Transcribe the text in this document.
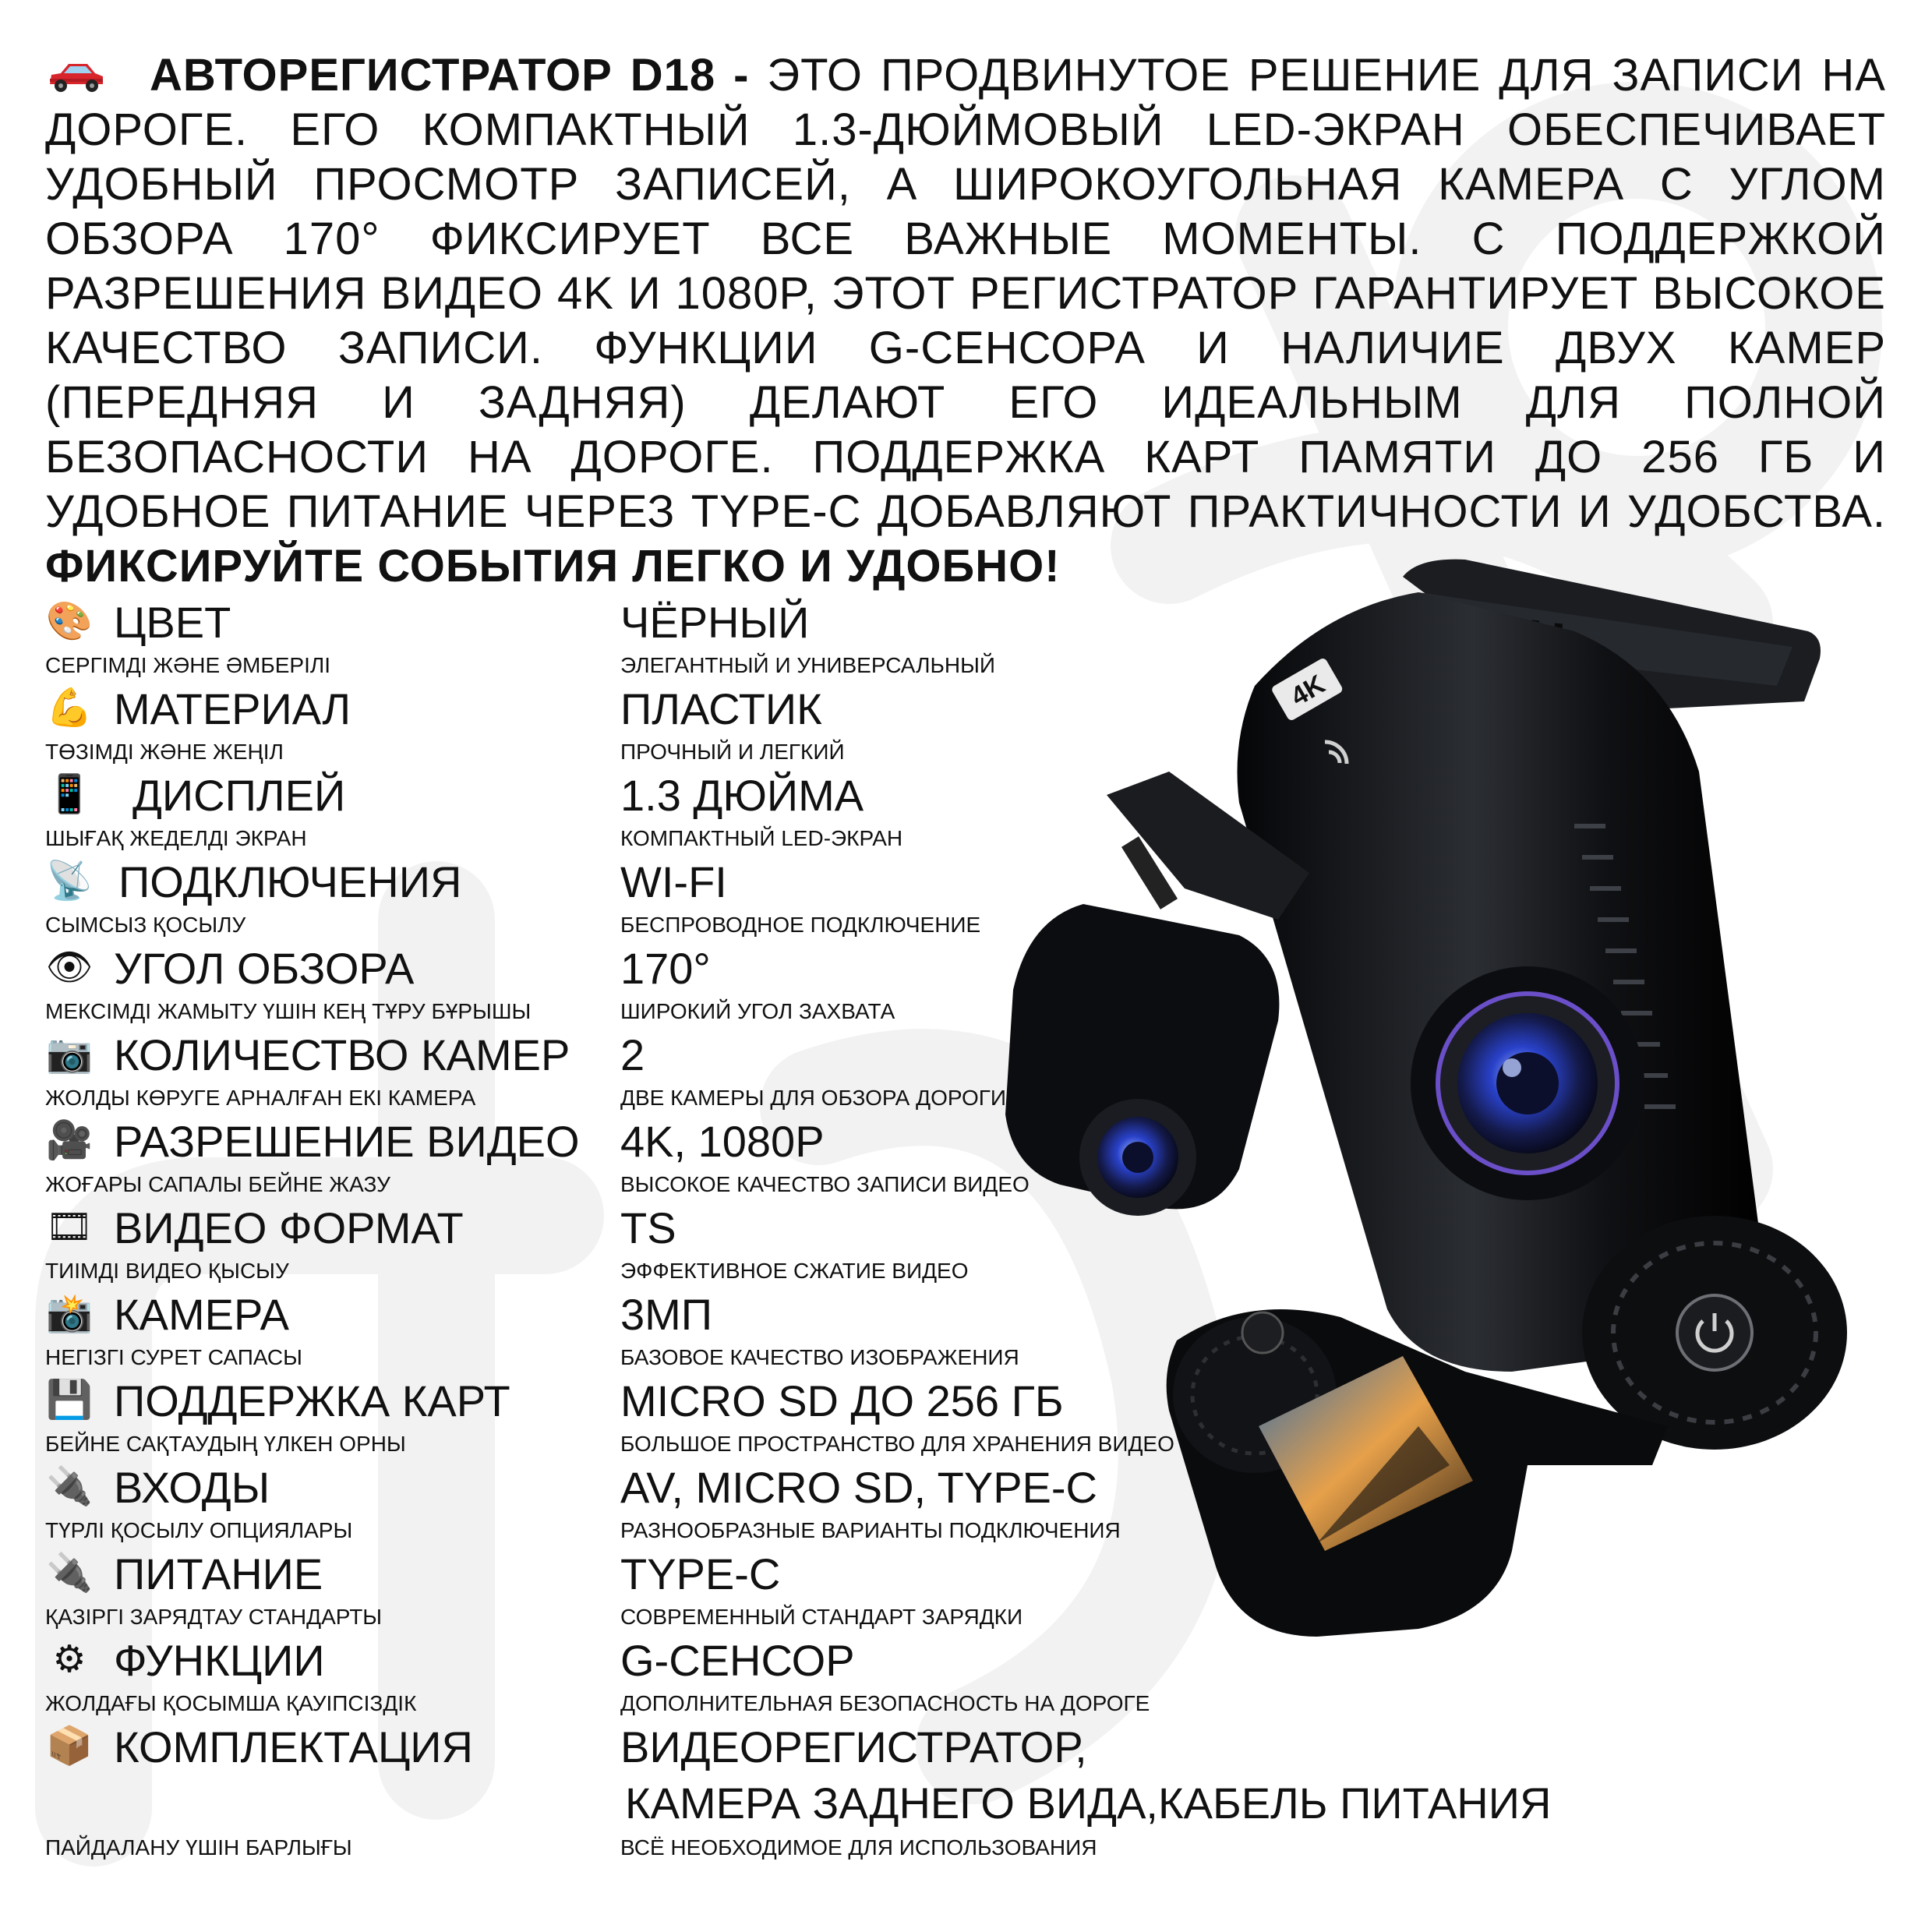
АВТОРЕГИСТРАТОР D18 - ЭТО ПРОДВИНУТОЕ РЕШЕНИЕ ДЛЯ ЗАПИСИ НА ДОРОГЕ. ЕГО КОМПАКТНЫЙ 1.3-ДЮЙМОВЫЙ LED-ЭКРАН ОБЕСПЕЧИВАЕТ УДОБНЫЙ ПРОСМОТР ЗАПИСЕЙ, А ШИРОКОУГОЛЬНАЯ КАМЕРА С УГЛОМ ОБЗОРА 170° ФИКСИРУЕТ ВСЕ ВАЖНЫЕ МОМЕНТЫ. С ПОДДЕРЖКОЙ РАЗРЕШЕНИЯ ВИДЕО 4K И 1080P, ЭТОТ РЕГИСТРАТОР ГАРАНТИРУЕТ ВЫСОКОЕ КАЧЕСТВО ЗАПИСИ. ФУНКЦИИ G-СЕНСОРА И НАЛИЧИЕ ДВУХ КАМЕР (ПЕРЕДНЯЯ И ЗАДНЯЯ) ДЕЛАЮТ ЕГО ИДЕАЛЬНЫМ ДЛЯ ПОЛНОЙ БЕЗОПАСНОСТИ НА ДОРОГЕ. ПОДДЕРЖКА КАРТ ПАМЯТИ ДО 256 ГБ И УДОБНОЕ ПИТАНИЕ ЧЕРЕЗ TYPE-C ДОБАВЛЯЮТ ПРАКТИЧНОСТИ И УДОБСТВА. ФИКСИРУЙТЕ СОБЫТИЯ ЛЕГКО И УДОБНО!
4K
🎨 ЦВЕТ
СЕРГІМДІ ЖӘНЕ ӘМБЕРІЛІ
ЧЁРНЫЙ
ЭЛЕГАНТНЫЙ И УНИВЕРСАЛЬНЫЙ
💪 МАТЕРИАЛ
ТӨЗІМДІ ЖӘНЕ ЖЕҢІЛ
ПЛАСТИК
ПРОЧНЫЙ И ЛЕГКИЙ
📱 ДИСПЛЕЙ
ШЫҒАҚ ЖЕДЕЛДІ ЭКРАН
1.3 ДЮЙМА
КОМПАКТНЫЙ LED-ЭКРАН
📡 ПОДКЛЮЧЕНИЯ
СЫМСЫЗ ҚОСЫЛУ
WI-FI
БЕСПРОВОДНОЕ ПОДКЛЮЧЕНИЕ
👁 УГОЛ ОБЗОРА
МЕКСІМДІ ЖАМЫТУ ҮШІН КЕҢ ТҰРУ БҰРЫШЫ
170°
ШИРОКИЙ УГОЛ ЗАХВАТА
📷 КОЛИЧЕСТВО КАМЕР
ЖОЛДЫ КӨРУГЕ АРНАЛҒАН ЕКІ КАМЕРА
2
ДВЕ КАМЕРЫ ДЛЯ ОБЗОРА ДОРОГИ
🎥 РАЗРЕШЕНИЕ ВИДЕО
ЖОҒАРЫ САПАЛЫ БЕЙНЕ ЖАЗУ
4K, 1080P
ВЫСОКОЕ КАЧЕСТВО ЗАПИСИ ВИДЕО
🎞 ВИДЕО ФОРМАТ
ТИІМДІ ВИДЕО ҚЫСЫУ
TS
ЭФФЕКТИВНОЕ СЖАТИЕ ВИДЕО
📸 КАМЕРА
НЕГІЗГІ СУРЕТ САПАСЫ
3МП
БАЗОВОЕ КАЧЕСТВО ИЗОБРАЖЕНИЯ
💾 ПОДДЕРЖКА КАРТ
БЕЙНЕ САҚТАУДЫҢ ҮЛКЕН ОРНЫ
MICRO SD ДО 256 ГБ
БОЛЬШОЕ ПРОСТРАНСТВО ДЛЯ ХРАНЕНИЯ ВИДЕО
🔌 ВХОДЫ
ТҮРЛІ ҚОСЫЛУ ОПЦИЯЛАРЫ
AV, MICRO SD, TYPE-C
РАЗНООБРАЗНЫЕ ВАРИАНТЫ ПОДКЛЮЧЕНИЯ
🔌 ПИТАНИЕ
ҚАЗІРГІ ЗАРЯДТАУ СТАНДАРТЫ
TYPE-C
СОВРЕМЕННЫЙ СТАНДАРТ ЗАРЯДКИ
⚙ ФУНКЦИИ
ЖОЛДАҒЫ ҚОСЫМША ҚАУІПСІЗДІК
G-СЕНСОР
ДОПОЛНИТЕЛЬНАЯ БЕЗОПАСНОСТЬ НА ДОРОГЕ
📦 КОМПЛЕКТАЦИЯ
ПАЙДАЛАНУ ҮШІН БАРЛЫҒЫ
ВИДЕОРЕГИСТРАТОР,
КАМЕРА ЗАДНЕГО ВИДА,КАБЕЛЬ ПИТАНИЯ
ВСЁ НЕОБХОДИМОЕ ДЛЯ ИСПОЛЬЗОВАНИЯ
